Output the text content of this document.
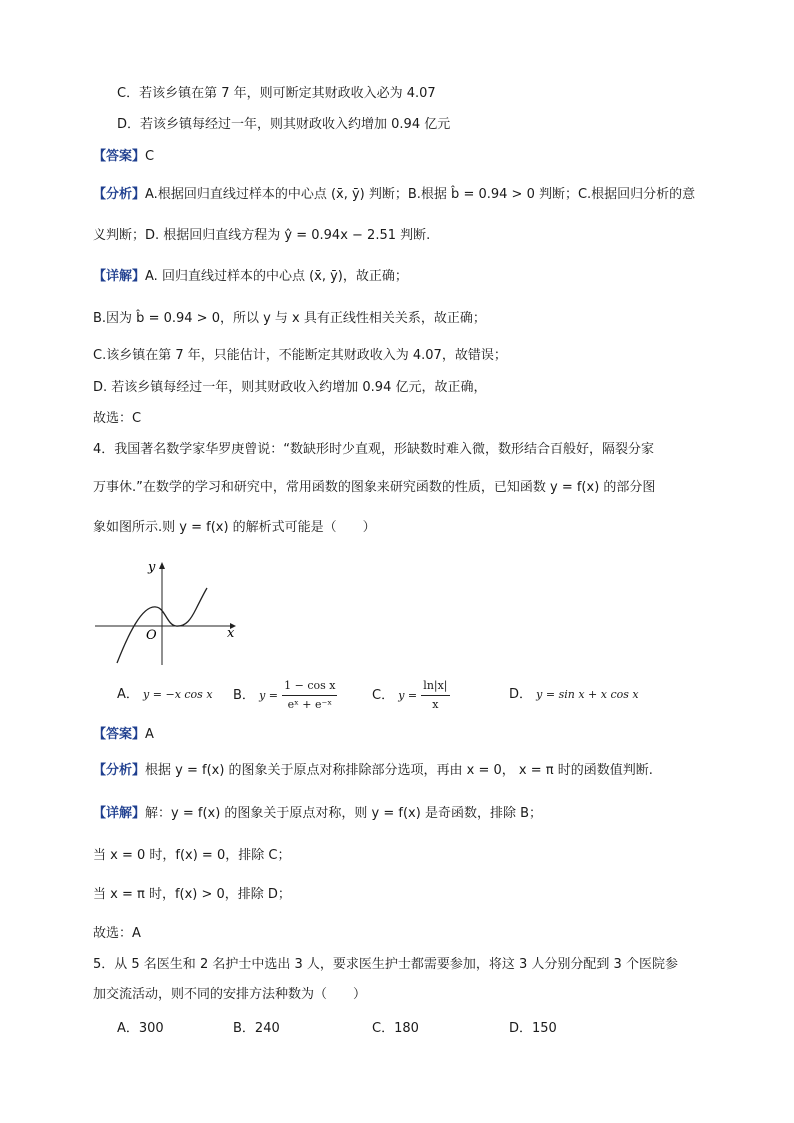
C．若该乡镇在第 7 年，则可断定其财政收入必为 4.07
D．若该乡镇每经过一年，则其财政收入约增加 0.94 亿元
【答案】C
【分析】A.根据回归直线过样本的中心点 (x̄, ȳ) 判断；B.根据 b̂ = 0.94 > 0 判断；C.根据回归分析的意
义判断；D. 根据回归直线方程为 ŷ = 0.94x − 2.51 判断.
【详解】A. 回归直线过样本的中心点 (x̄, ȳ)，故正确；
B.因为 b̂ = 0.94 > 0，所以 y 与 x 具有正线性相关关系，故正确；
C.该乡镇在第 7 年，只能估计，不能断定其财政收入为 4.07，故错误；
D. 若该乡镇每经过一年，则其财政收入约增加 0.94 亿元，故正确，
故选：C
4．我国著名数学家华罗庚曾说：“数缺形时少直观，形缺数时难入微，数形结合百般好，隔裂分家
万事休.”在数学的学习和研究中，常用函数的图象来研究函数的性质，已知函数 y = f(x) 的部分图
象如图所示.则 y = f(x) 的解析式可能是（　　）
y
x
O
A． y = −x cos x B． $y = \frac{\text{1 − cos x}}{\text{eˣ + e⁻ˣ}}$	C． $y = \frac{\ln|x|}{x}$	D． y = sin x + x cos x
【答案】A
【分析】根据 y = f(x) 的图象关于原点对称排除部分选项，再由 x = 0， x = π 时的函数值判断.
【详解】解：y = f(x) 的图象关于原点对称，则 y = f(x) 是奇函数，排除 B；
当 x = 0 时，f(x) = 0，排除 C；
当 x = π 时，f(x) > 0，排除 D；
故选：A
5．从 5 名医生和 2 名护士中选出 3 人，要求医生护士都需要参加，将这 3 人分别分配到 3 个医院参
加交流活动，则不同的安排方法种数为（　　）
A．300	B．240	C．180	D．150
